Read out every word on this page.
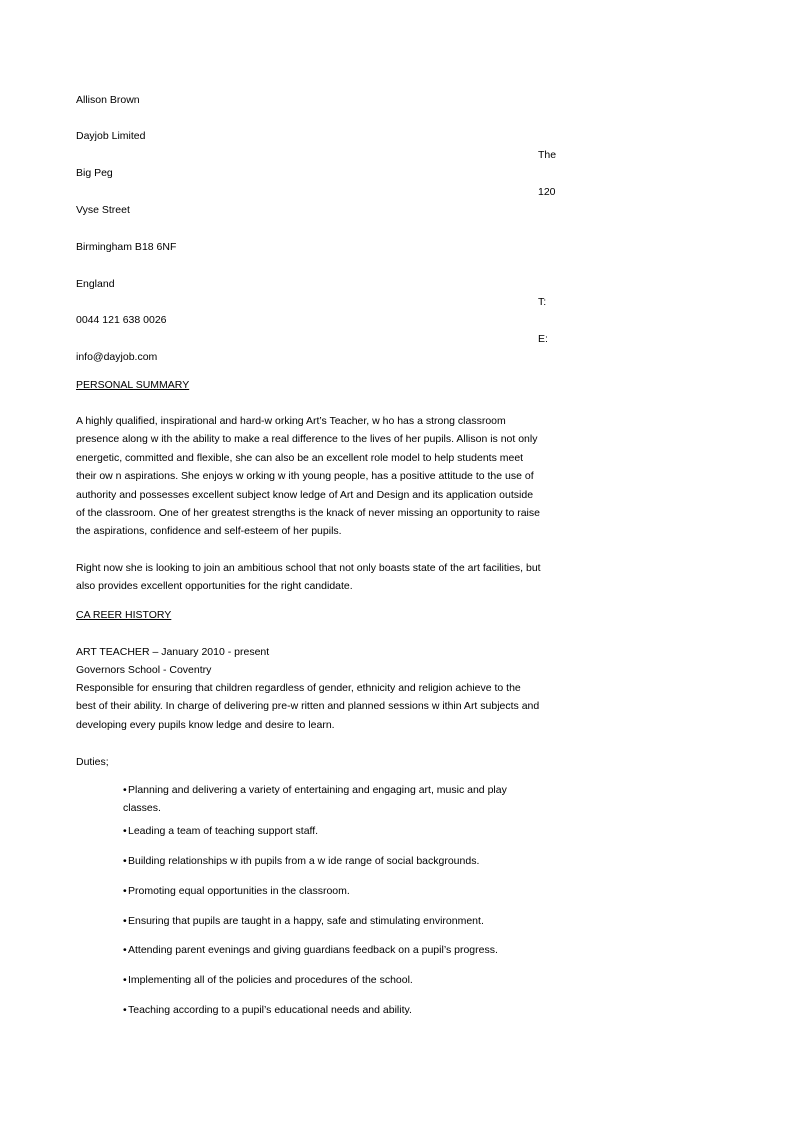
Allison Brown
Dayjob Limited
The
Big Peg
120
Vyse Street
Birmingham B18 6NF
England
T:
0044 121 638 0026
E:
info@dayjob.com
PERSONAL SUMMARY
A highly qualified, inspirational and hard-w orking Art’s Teacher, w ho has a strong classroom
presence along w ith the ability to make a real difference to the lives of her pupils. Allison is not only
energetic, committed and flexible, she can also be an excellent role model to help students meet
their ow n aspirations. She enjoys w orking w ith young people, has a positive attitude to the use of
authority and possesses excellent subject know ledge of Art and Design and its application outside
of the classroom. One of her greatest strengths is the knack of never missing an opportunity to raise
the aspirations, confidence and self-esteem of her pupils.
Right now she is looking to join an ambitious school that not only boasts state of the art facilities, but
also provides excellent opportunities for the right candidate.
CA REER HISTORY
ART TEACHER – January 2010 - present
Governors School - Coventry
Responsible for ensuring that children regardless of gender, ethnicity and religion achieve to the
best of their ability. In charge of delivering pre-w ritten and planned sessions w ithin Art subjects and
developing every pupils know ledge and desire to learn.
Duties;
•Planning and delivering a variety of entertaining and engaging art, music and play
classes.
•Leading a team of teaching support staff.
•Building relationships w ith pupils from a w ide range of social backgrounds.
•Promoting equal opportunities in the classroom.
•Ensuring that pupils are taught in a happy, safe and stimulating environment.
•Attending parent evenings and giving guardians feedback on a pupil’s progress.
•Implementing all of the policies and procedures of the school.
•Teaching according to a pupil’s educational needs and ability.
